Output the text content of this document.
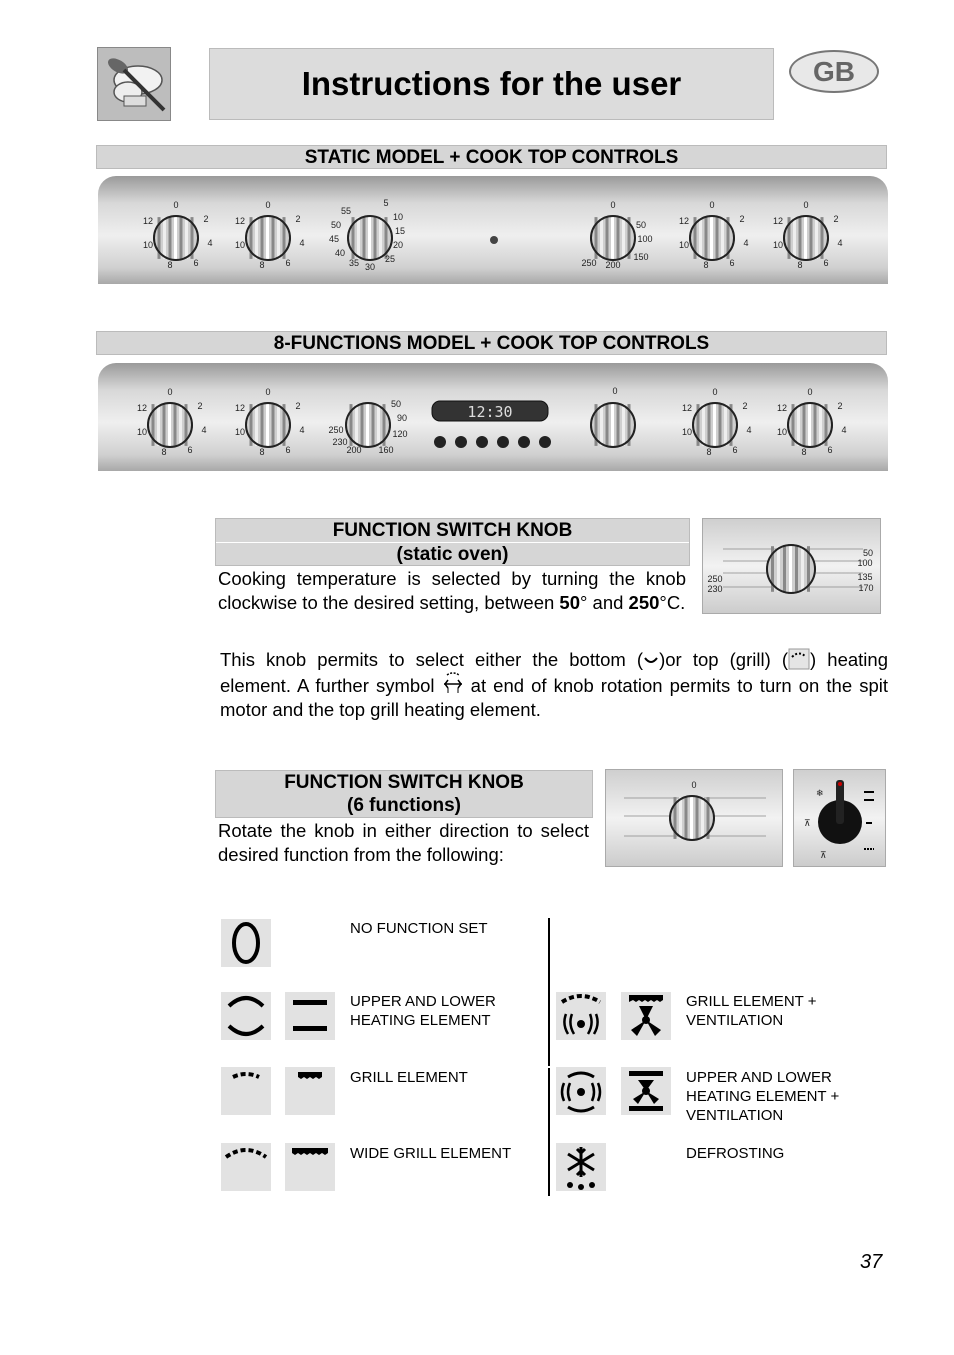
Instructions for the user	GB
STATIC MODEL + COOK TOP CONTROLS
0
2
4
6
8
10
12
0
2
4
6
8
10
12
5
10
15
20
25
30
35
40
45
50
55
0
50
100
150
200
250
0
2
4
6
8
10
12
0
2
4
6
8
10
12
8-FUNCTIONS MODEL + COOK TOP CONTROLS
0
2
4
6
8
10
12
0
2
4
6
8
10
12	50
90
120
160
200
230
250
12:30
0	0
2
4
6
8
10
12
0
2
4
6
8
10
12
FUNCTION SWITCH KNOB
(static oven)
Cooking temperature is selected by turning the knob clockwise to the desired setting, between 50° and 250°C.
50
100
135
170
250
230
This knob permits to select either the bottom ( )or top (grill) ( ) heating element. A further symbol  at end of knob rotation permits to turn on the spit motor and the top grill heating element.
FUNCTION SWITCH KNOB
(6 functions)
Rotate the knob in either direction to select desired function from the following:
0
❄
⊼
⊼
NO FUNCTION SET
UPPER AND LOWER HEATING ELEMENT
GRILL ELEMENT
WIDE GRILL ELEMENT
GRILL ELEMENT + VENTILATION
UPPER AND LOWER HEATING ELEMENT + VENTILATION
DEFROSTING
37
